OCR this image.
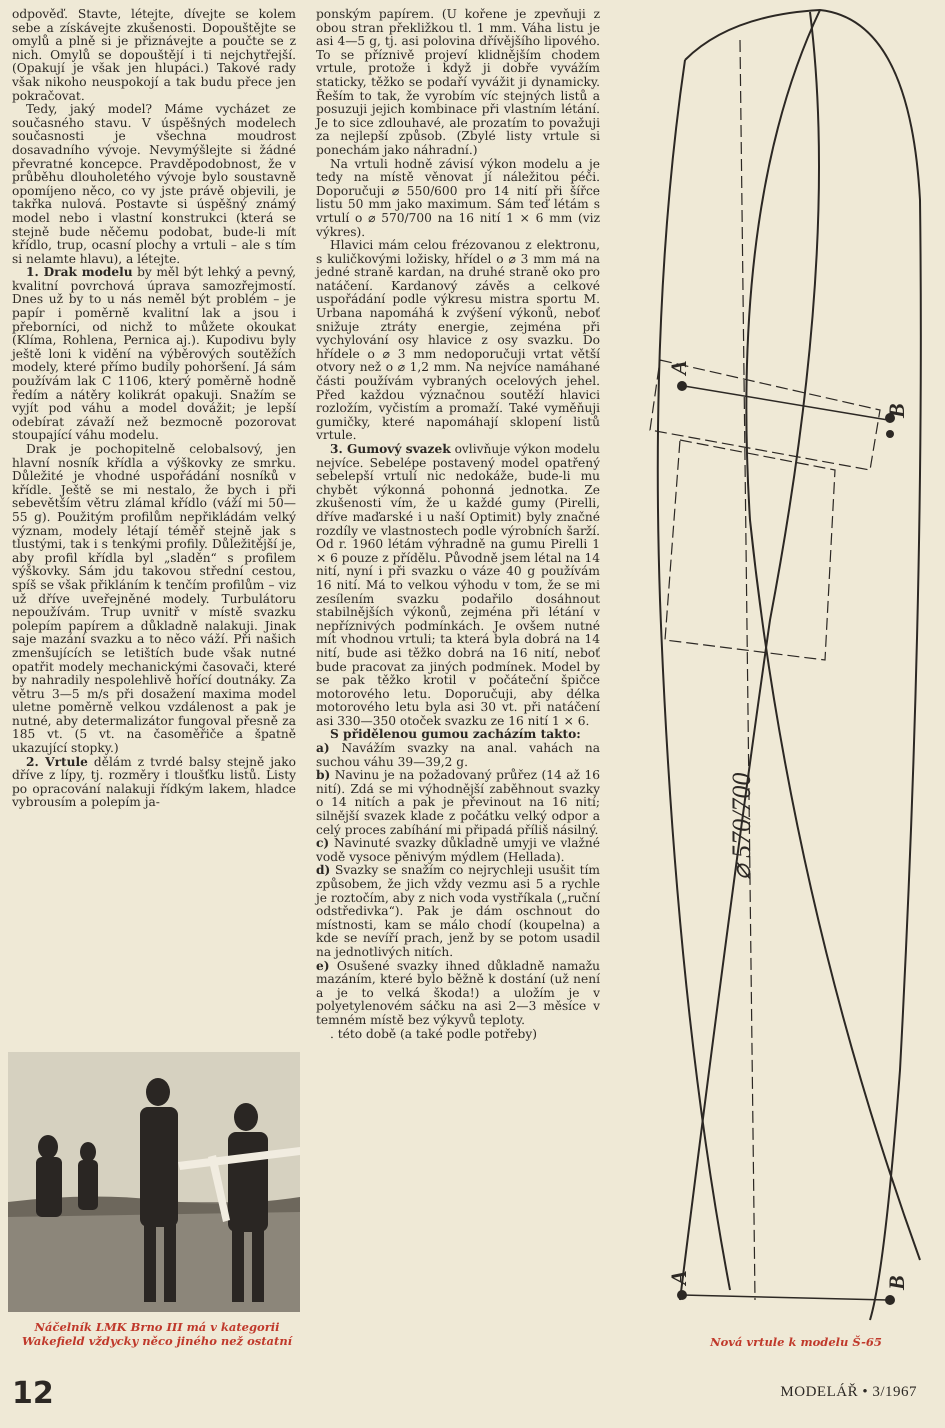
odpověď. Stavte, létejte, dívejte se kolem sebe a získávejte zkušenosti. Dopouštějte se omylů a plně si je přiznávejte a poučte se z nich. Omylů se dopouštějí i ti nejchytřejší. (Opakují je však jen hlupáci.) Takové rady však nikoho neuspokojí a tak budu přece jen pokračovat.

Tedy, jaký model? Máme vycházet ze současného stavu. V úspěšných modelech současnosti je všechna moudrost dosavadního vývoje. Nevymýšlejte si žádné převratné koncepce. Pravděpodobnost, že v průběhu dlouholetého vývoje bylo soustavně opomíjeno něco, co vy jste právě objevili, je takřka nulová. Postavte si úspěšný známý model nebo i vlastní konstrukci (která se stejně bude něčemu podobat, bude-li mít křídlo, trup, ocasní plochy a vrtuli – ale s tím si nelamte hlavu), a létejte.

1. Drak modelu by měl být lehký a pevný, kvalitní povrchová úprava samozřejmostí. Dnes už by to u nás neměl být problém – je papír i poměrně kvalitní lak a jsou i přeborníci, od nichž to můžete okoukat (Klíma, Rohlena, Pernica aj.). Kupodivu byly ještě loni k vidění na výběrových soutěžích modely, které přímo budily pohoršení. Já sám používám lak C 1106, který poměrně hodně ředím a nátěry kolikrát opakuji. Snažím se vyjít pod váhu a model dovážit; je lepší odebírat závaží než bezmocně pozorovat stoupající váhu modelu.

Drak je pochopitelně celobalsový, jen hlavní nosník křídla a výškovky ze smrku. Důležité je vhodné uspořádání nosníků v křídle. Ještě se mi nestalo, že bych i při sebevětším větru zlámal křídlo (váží mi 50—55 g). Použitým profilům nepřikládám velký význam, modely létají téměř stejně jak s tlustými, tak i s tenkými profily. Důležitější je, aby profil křídla byl „sladěn“ s profilem výškovky. Sám jdu takovou střední cestou, spíš se však přikláním k tenčím profilům – viz už dříve uveřejněné modely. Turbulátoru nepoužívám. Trup uvnitř v místě svazku polepím papírem a důkladně nalakuji. Jinak saje mazání svazku a to něco váží. Při našich zmenšujících se letištích bude však nutné opatřit modely mechanickými časovači, které by nahradily nespolehlivě hořící doutnáky. Za větru 3—5 m/s při dosažení maxima model uletne poměrně velkou vzdálenost a pak je nutné, aby determalizátor fungoval přesně za 185 vt. (5 vt. na časoměřiče a špatně ukazující stopky.)

2. Vrtule dělám z tvrdé balsy stejně jako dříve z lípy, tj. rozměry i tloušťku listů. Listy po opracování nalakuji řídkým lakem, hladce vybrousím a polepím ja-

ponským papírem. (U kořene je zpevňuji z obou stran překližkou tl. 1 mm. Váha listu je asi 4—5 g, tj. asi polovina dřívějšího lipového. To se příznivě projeví klidnějším chodem vrtule, protože i když ji dobře vyvážím staticky, těžko se podaří vyvážit ji dynamicky. Řeším to tak, že vyrobím víc stejných listů a posuzuji jejich kombinace při vlastním létání. Je to sice zdlouhavé, ale prozatím to považuji za nejlepší způsob. (Zbylé listy vrtule si ponechám jako náhradní.)

Na vrtuli hodně závisí výkon modelu a je tedy na místě věnovat jí náležitou péči. Doporučuji ⌀ 550/600 pro 14 nití při šířce listu 50 mm jako maximum. Sám teď létám s vrtulí o ⌀ 570/700 na 16 nití 1 × 6 mm (viz výkres).

Hlavici mám celou frézovanou z elektronu, s kuličkovými ložisky, hřídel o ⌀ 3 mm má na jedné straně kardan, na druhé straně oko pro natáčení. Kardanový závěs a celkové uspořádání podle výkresu mistra sportu M. Urbana napomáhá k zvýšení výkonů, neboť snižuje ztráty energie, zejména při vychylování osy hlavice z osy svazku. Do hřídele o ⌀ 3 mm nedoporučuji vrtat větší otvory než o ⌀ 1,2 mm. Na nejvíce namáhané části používám vybraných ocelových jehel. Před každou význačnou soutěží hlavici rozložím, vyčistím a promaží. Také vyměňuji gumičky, které napomáhají sklopení listů vrtule.

3. Gumový svazek ovlivňuje výkon modelu nejvíce. Sebelépe postavený model opatřený sebelepší vrtulí nic nedokáže, bude-li mu chybět výkonná pohonná jednotka. Ze zkušenosti vím, že u každé gumy (Pirelli, dříve maďarské i u naší Optimit) byly značné rozdíly ve vlastnostech podle výrobních šarží. Od r. 1960 létám výhradně na gumu Pirelli 1 × 6 pouze z přídělu. Původně jsem létal na 14 nití, nyní i při svazku o váze 40 g používám 16 nití. Má to velkou výhodu v tom, že se mi zesílením svazku podařilo dosáhnout stabilnějších výkonů, zejména při létání v nepříznivých podmínkách. Je ovšem nutné mít vhodnou vrtuli; ta která byla dobrá na 14 nití, bude asi těžko dobrá na 16 nití, neboť bude pracovat za jiných podmínek. Model by se pak těžko krotil v počáteční špičce motorového letu. Doporučuji, aby délka motorového letu byla asi 30 vt. při natáčení asi 330—350 otoček svazku ze 16 nití 1 × 6.

S přidělenou gumou zacházím takto:

a) Navážím svazky na anal. vahách na suchou váhu 39—39,2 g.

b) Navinu je na požadovaný průřez (14 až 16 nití). Zdá se mi výhodnější zaběhnout svazky o 14 nitích a pak je převinout na 16 nití; silnější svazek klade z počátku velký odpor a celý proces zabíhání mi připadá příliš násilný.

c) Navinuté svazky důkladně umyji ve vlažné vodě vysoce pěnivým mýdlem (Hellada).

d) Svazky se snažím co nejrychleji usušit tím způsobem, že jich vždy vezmu asi 5 a rychle je roztočím, aby z nich voda vystříkala („ruční odstředivka“). Pak je dám oschnout do místnosti, kam se málo chodí (koupelna) a kde se nevíří prach, jenž by se potom usadil na jednotlivých nitích.

e) Osušené svazky ihned důkladně namažu mazáním, které bylo běžně k dostání (už není a je to velká škoda!) a uložím je v polyetylenovém sáčku na asi 2—3 měsíce v temném místě bez výkyvů teploty.

. této době (a také podle potřeby)

Náčelník LMK Brno III má v kategorii Wakefield vždycky něco jiného než ostatní
A
B
A	B
⌀ 570/700
Nová vrtule k modelu Š-65
12	MODELÁŘ • 3/1967
